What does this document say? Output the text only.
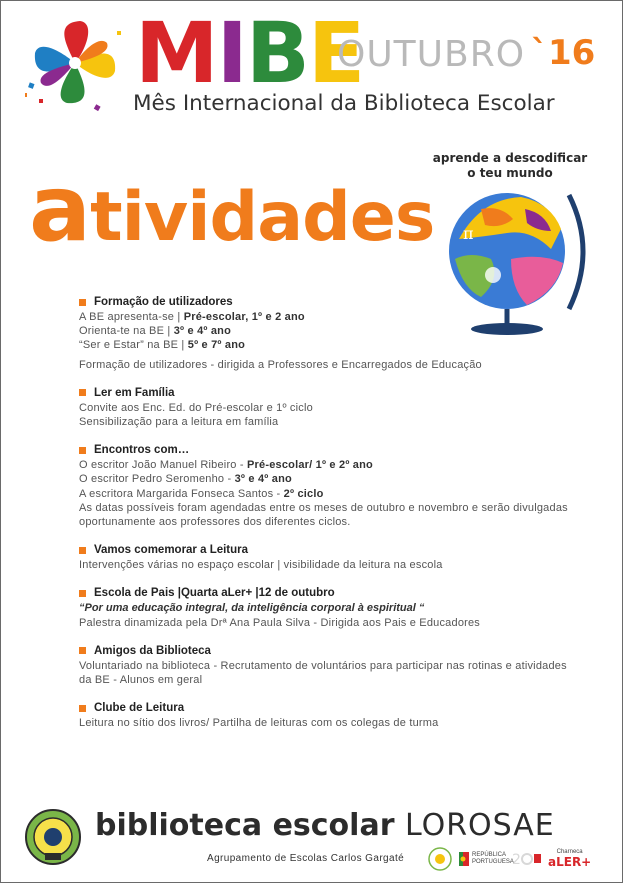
MIBE
OUTUBRO `16
Mês Internacional da Biblioteca Escolar
atividades
aprende a descodificar
o teu mundo
π
Formação de utilizadores
A BE apresenta-se | Pré-escolar, 1º e 2 ano
Orienta-te na BE | 3º e 4º ano
“Ser e Estar” na BE | 5º e 7º ano
Formação de utilizadores - dirigida a Professores e Encarregados de Educação
Ler em Família
Convite aos Enc. Ed. do Pré-escolar e 1º ciclo
Sensibilização para a leitura em família
Encontros com…
O escritor João Manuel Ribeiro - Pré-escolar/ 1º e 2º ano
O escritor Pedro Seromenho - 3º e 4º ano
A escritora Margarida Fonseca Santos - 2º ciclo
As datas possíveis foram agendadas entre os meses de outubro e novembro e serão divulgadas oportunamente aos professores dos diferentes ciclos.
Vamos comemorar a Leitura
Intervenções várias no espaço escolar | visibilidade da leitura na escola
Escola de Pais |Quarta aLer+ |12 de outubro
“Por uma educação integral, da inteligência corporal à espiritual “
Palestra dinamizada pela Drª Ana Paula Silva - Dirigida aos Pais e Educadores
Amigos da Biblioteca
Voluntariado na biblioteca - Recrutamento de voluntários para participar nas rotinas e atividades da BE - Alunos em geral
Clube de Leitura
Leitura no sítio dos livros/ Partilha de leituras com os colegas de turma
biblioteca escolar LOROSAE
Agrupamento de Escolas Carlos Gargaté	REPÚBLICA PORTUGUESA
2	Charneca
aLER+
